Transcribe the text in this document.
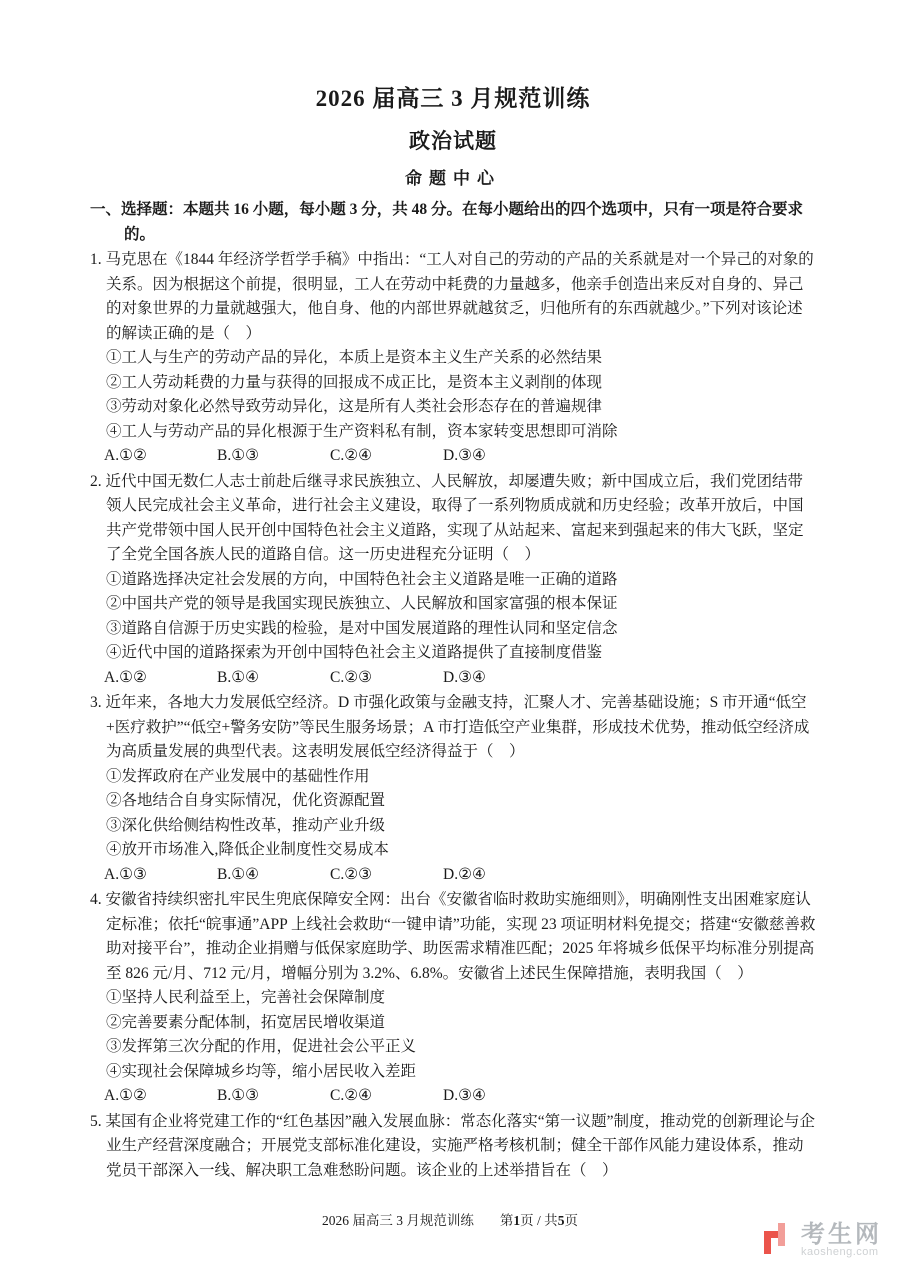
2026 届高三 3 月规范训练
政治试题
命题中心

一、选择题：本题共 16 小题，每小题 3 分，共 48 分。在每小题给出的四个选项中，只有一项是符合要求的。

1. 马克思在《1844 年经济学哲学手稿》中指出：“工人对自己的劳动的产品的关系就是对一个异己的对象的关系。因为根据这个前提，很明显，工人在劳动中耗费的力量越多，他亲手创造出来反对自身的、异己的对象世界的力量就越强大，他自身、他的内部世界就越贫乏，归他所有的东西就越少。”下列对该论述的解读正确的是（　）

①工人与生产的劳动产品的异化，本质上是资本主义生产关系的必然结果
②工人劳动耗费的力量与获得的回报成不成正比，是资本主义剥削的体现
③劳动对象化必然导致劳动异化，这是所有人类社会形态存在的普遍规律
④工人与劳动产品的异化根源于生产资料私有制，资本家转变思想即可消除
A.①②	B.①③	C.②④	D.③④

2. 近代中国无数仁人志士前赴后继寻求民族独立、人民解放，却屡遭失败；新中国成立后，我们党团结带领人民完成社会主义革命，进行社会主义建设，取得了一系列物质成就和历史经验；改革开放后，中国共产党带领中国人民开创中国特色社会主义道路，实现了从站起来、富起来到强起来的伟大飞跃，坚定了全党全国各族人民的道路自信。这一历史进程充分证明（　）

①道路选择决定社会发展的方向，中国特色社会主义道路是唯一正确的道路
②中国共产党的领导是我国实现民族独立、人民解放和国家富强的根本保证
③道路自信源于历史实践的检验，是对中国发展道路的理性认同和坚定信念
④近代中国的道路探索为开创中国特色社会主义道路提供了直接制度借鉴
A.①②	B.①④	C.②③	D.③④

3. 近年来，各地大力发展低空经济。D 市强化政策与金融支持，汇聚人才、完善基础设施；S 市开通“低空+医疗救护”“低空+警务安防”等民生服务场景；A 市打造低空产业集群，形成技术优势，推动低空经济成为高质量发展的典型代表。这表明发展低空经济得益于（　）

①发挥政府在产业发展中的基础性作用
②各地结合自身实际情况，优化资源配置
③深化供给侧结构性改革，推动产业升级
④放开市场准入,降低企业制度性交易成本
A.①③	B.①④	C.②③	D.②④

4. 安徽省持续织密扎牢民生兜底保障安全网：出台《安徽省临时救助实施细则》，明确刚性支出困难家庭认定标准；依托“皖事通”APP 上线社会救助“一键申请”功能，实现 23 项证明材料免提交；搭建“安徽慈善救助对接平台”，推动企业捐赠与低保家庭助学、助医需求精准匹配；2025 年将城乡低保平均标准分别提高至 826 元/月、712 元/月，增幅分别为 3.2%、6.8%。安徽省上述民生保障措施，表明我国（　）

①坚持人民利益至上，完善社会保障制度
②完善要素分配体制，拓宽居民增收渠道
③发挥第三次分配的作用，促进社会公平正义
④实现社会保障城乡均等，缩小居民收入差距
A.①②	B.①③	C.②④	D.③④

5. 某国有企业将党建工作的“红色基因”融入发展血脉：常态化落实“第一议题”制度，推动党的创新理论与企业生产经营深度融合；开展党支部标准化建设，实施严格考核机制；健全干部作风能力建设体系，推动党员干部深入一线、解决职工急难愁盼问题。该企业的上述举措旨在（　）

2026 届高三 3 月规范训练 第1页 / 共5页
考生网
kaosheng.com
